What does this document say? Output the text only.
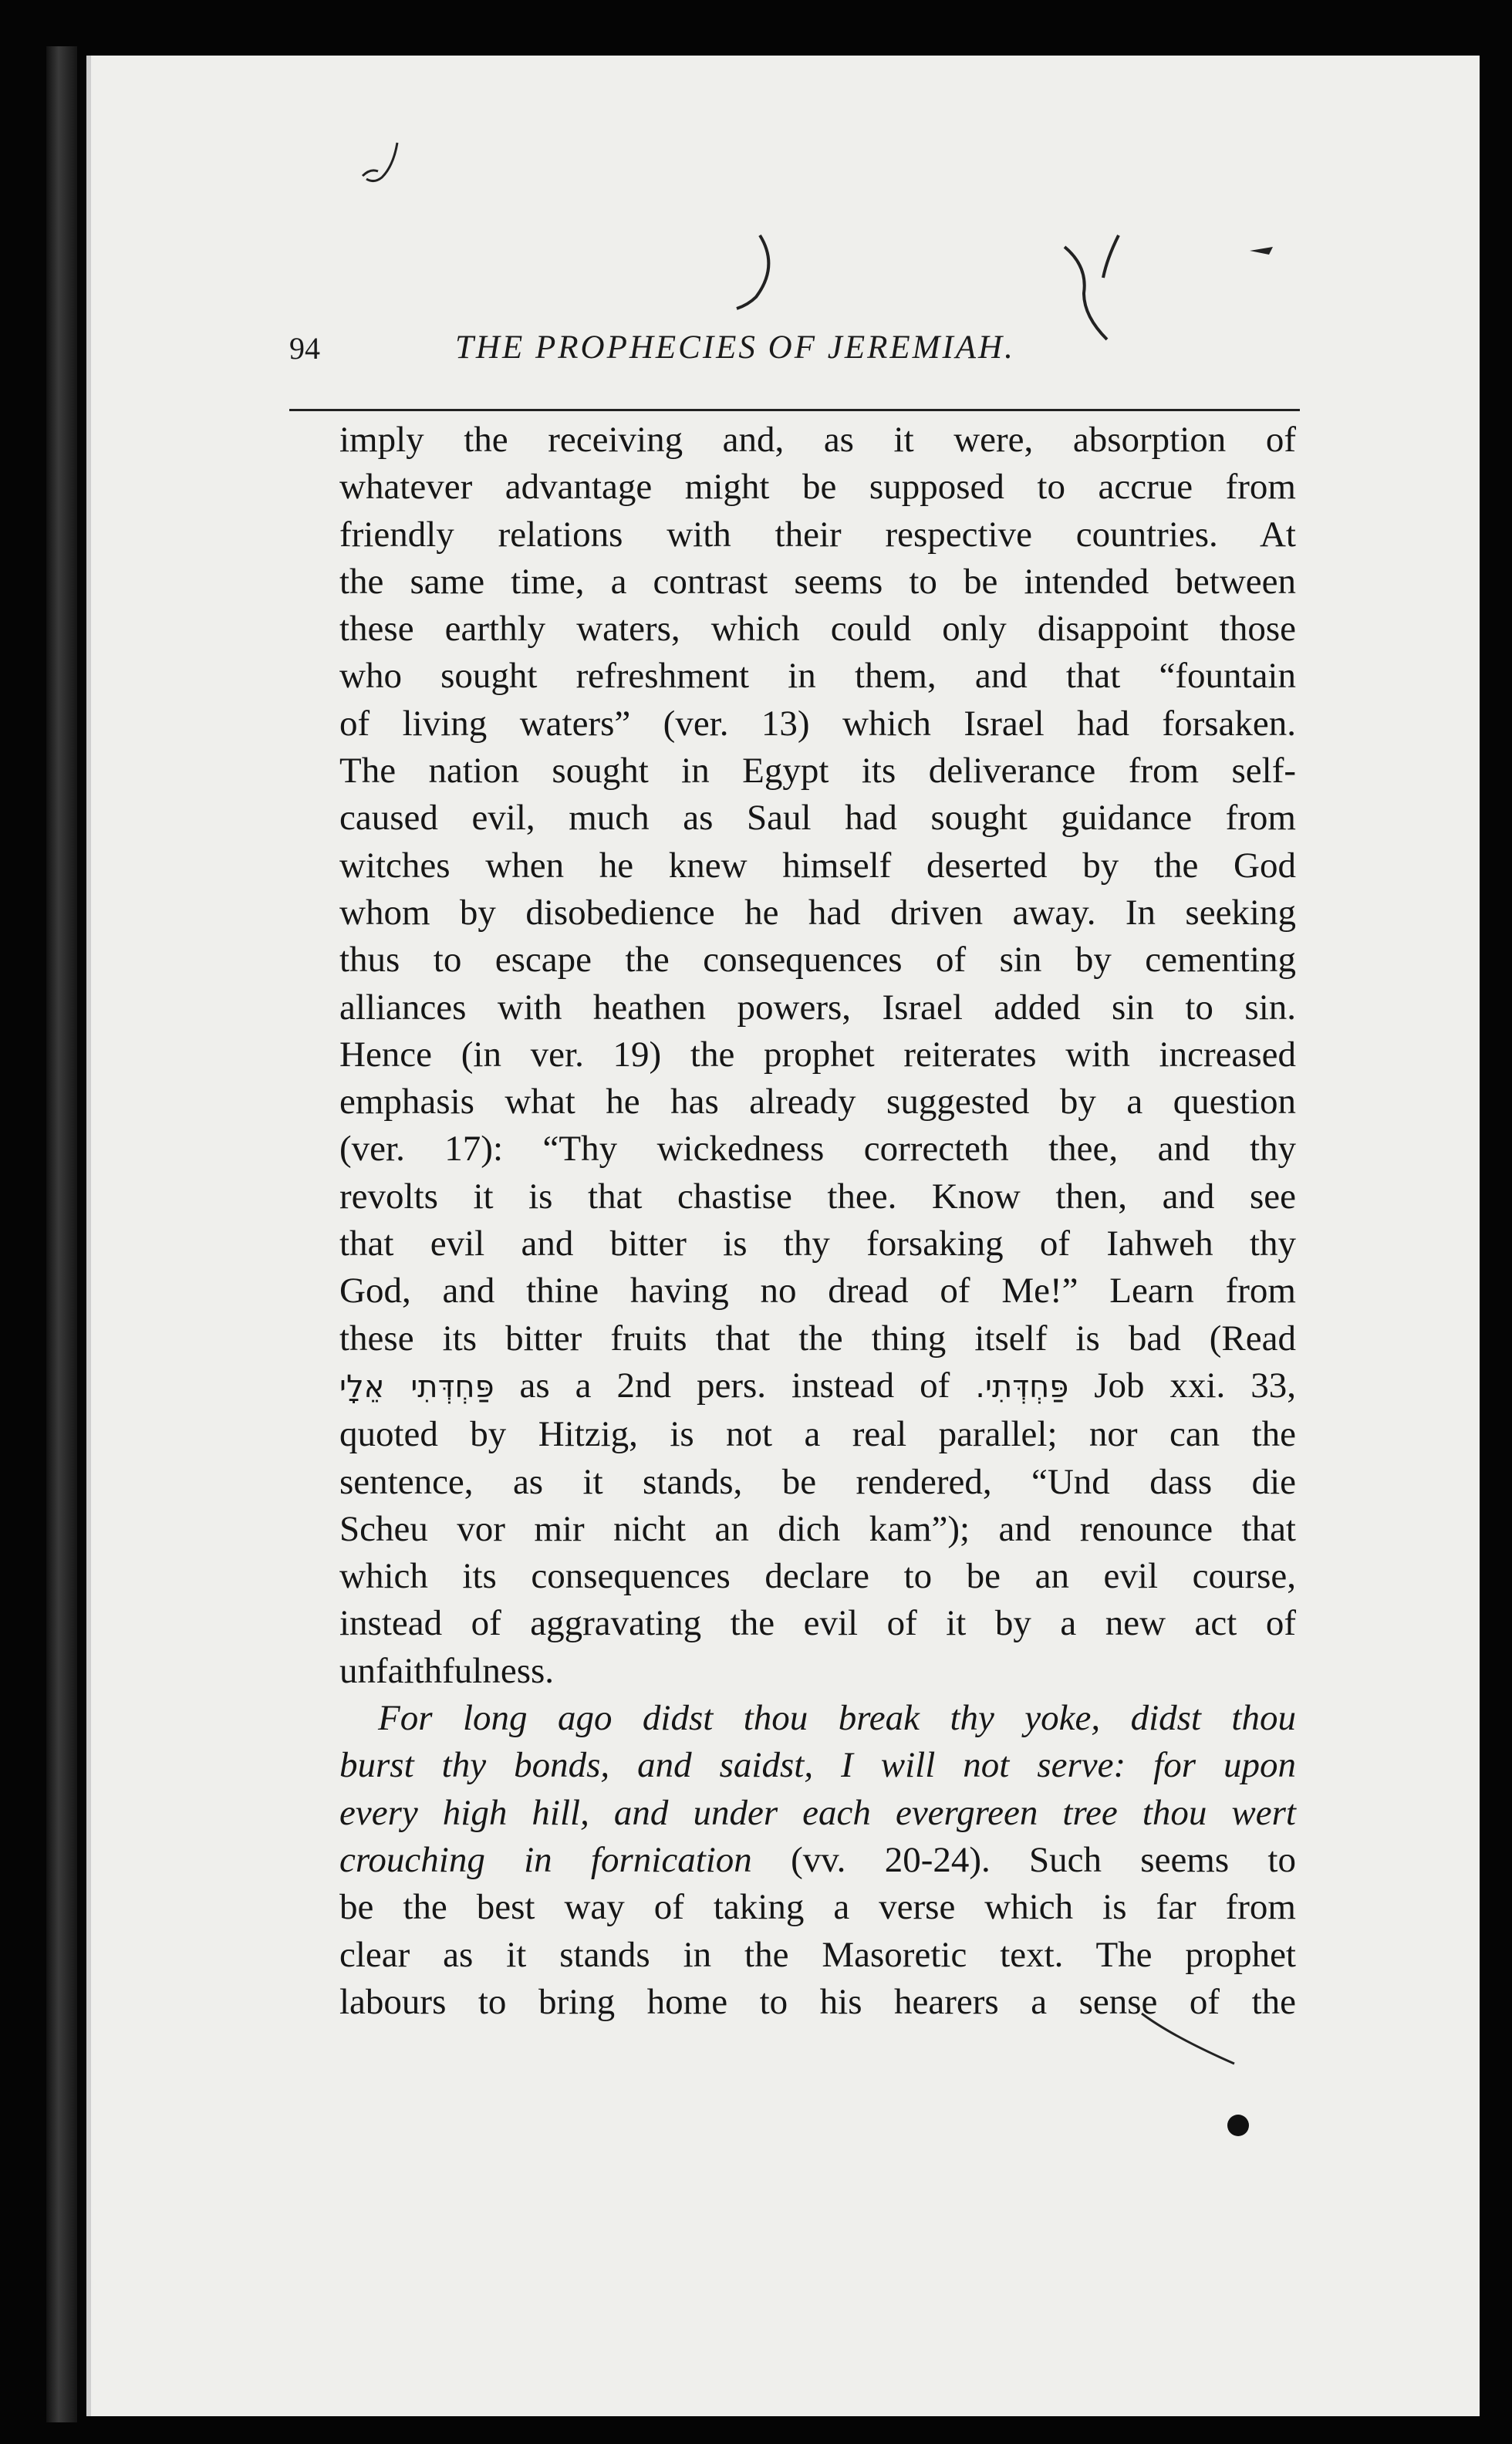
94	THE PROPHECIES OF JEREMIAH.
imply the receiving and, as it were, absorption of
whatever advantage might be supposed to accrue from
friendly relations with their respective countries. At
the same time, a contrast seems to be intended between
these earthly waters, which could only disappoint those
who sought refreshment in them, and that “fountain
of living waters” (ver. 13) which Israel had forsaken.
The nation sought in Egypt its deliverance from self-
caused evil, much as Saul had sought guidance from
witches when he knew himself deserted by the God
whom by disobedience he had driven away. In seeking
thus to escape the consequences of sin by cementing
alliances with heathen powers, Israel added sin to sin.
Hence (in ver. 19) the prophet reiterates with increased
emphasis what he has already suggested by a question
(ver. 17): “Thy wickedness correcteth thee, and thy
revolts it is that chastise thee. Know then, and see
that evil and bitter is thy forsaking of Iahweh thy
God, and thine having no dread of Me!” Learn from
these its bitter fruits that the thing itself is bad (Read
פַּחְדְּתִי אֵלָי as a 2nd pers. instead of פַּחְדְּתִי. Job xxi. 33,
quoted by Hitzig, is not a real parallel; nor can the
sentence, as it stands, be rendered, “Und dass die
Scheu vor mir nicht an dich kam”); and renounce that
which its consequences declare to be an evil course,
instead of aggravating the evil of it by a new act of
unfaithfulness.
For long ago didst thou break thy yoke, didst thou
burst thy bonds, and saidst, I will not serve: for upon
every high hill, and under each evergreen tree thou wert
crouching in fornication (vv. 20-24). Such seems to
be the best way of taking a verse which is far from
clear as it stands in the Masoretic text. The prophet
labours to bring home to his hearers a sense of the
